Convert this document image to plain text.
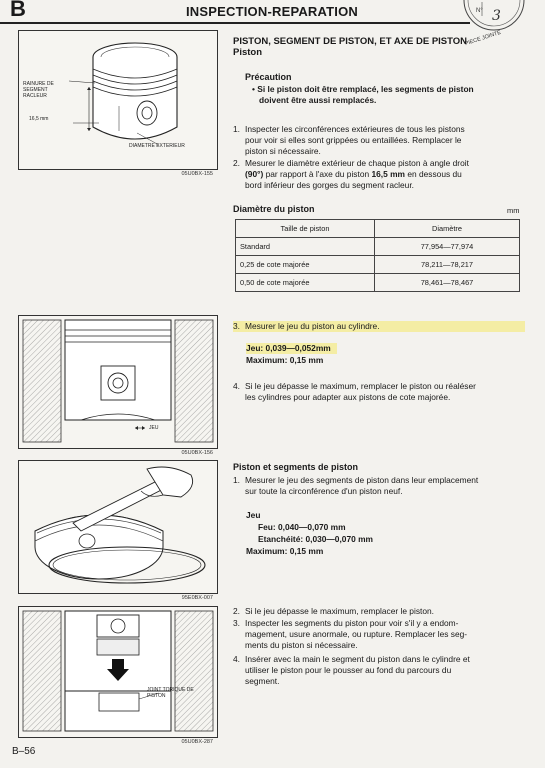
B	INSPECTION-REPARATION	N° 3
PIECE JOINTE
RAINURE DE SEGMENT RACLEUR
16,5 mm
DIAMETRE EXTERIEUR
05U0BX-155
PISTON, SEGMENT DE PISTON, ET AXE DE PISTON
Piston
Précaution
• Si le piston doit être remplacé, les segments de piston
doivent être aussi remplacés.
1. Inspecter les circonférences extérieures de tous les pistons
pour voir si elles sont grippées ou entaillées. Remplacer le
piston si nécessaire.
2. Mesurer le diamètre extérieur de chaque piston à angle droit
(90°) par rapport à l'axe du piston 16,5 mm en dessous du
bord inférieur des gorges du segment racleur.
Diamètre du piston	mm
Taille de piston	Diamètre
Standard	77,954—77,974
0,25 de cote majorée	78,211—78,217
0,50 de cote majorée	78,461—78,467
JEU
05U0BX-156
3. Mesurer le jeu du piston au cylindre.
Jeu: 0,039—0,052mm
Maximum: 0,15 mm
4. Si le jeu dépasse le maximum, remplacer le piston ou réaléser
les cylindres pour adapter aux pistons de cote majorée.
95E0BX-007
Piston et segments de piston
1. Mesurer le jeu des segments de piston dans leur emplacement
sur toute la circonférence d'un piston neuf.
Jeu
Feu: 0,040—0,070 mm
Etanchéité: 0,030—0,070 mm
Maximum: 0,15 mm
2. Si le jeu dépasse le maximum, remplacer le piston.
3. Inspecter les segments du piston pour voir s'il y a endom-
magement, usure anormale, ou rupture. Remplacer les seg-
ments du piston si nécessaire.
4. Insérer avec la main le segment du piston dans le cylindre et
utiliser le piston pour le pousser au fond du parcours du
segment.
JOINT TORIQUE DE PISTON
05U0BX-287
B–56
